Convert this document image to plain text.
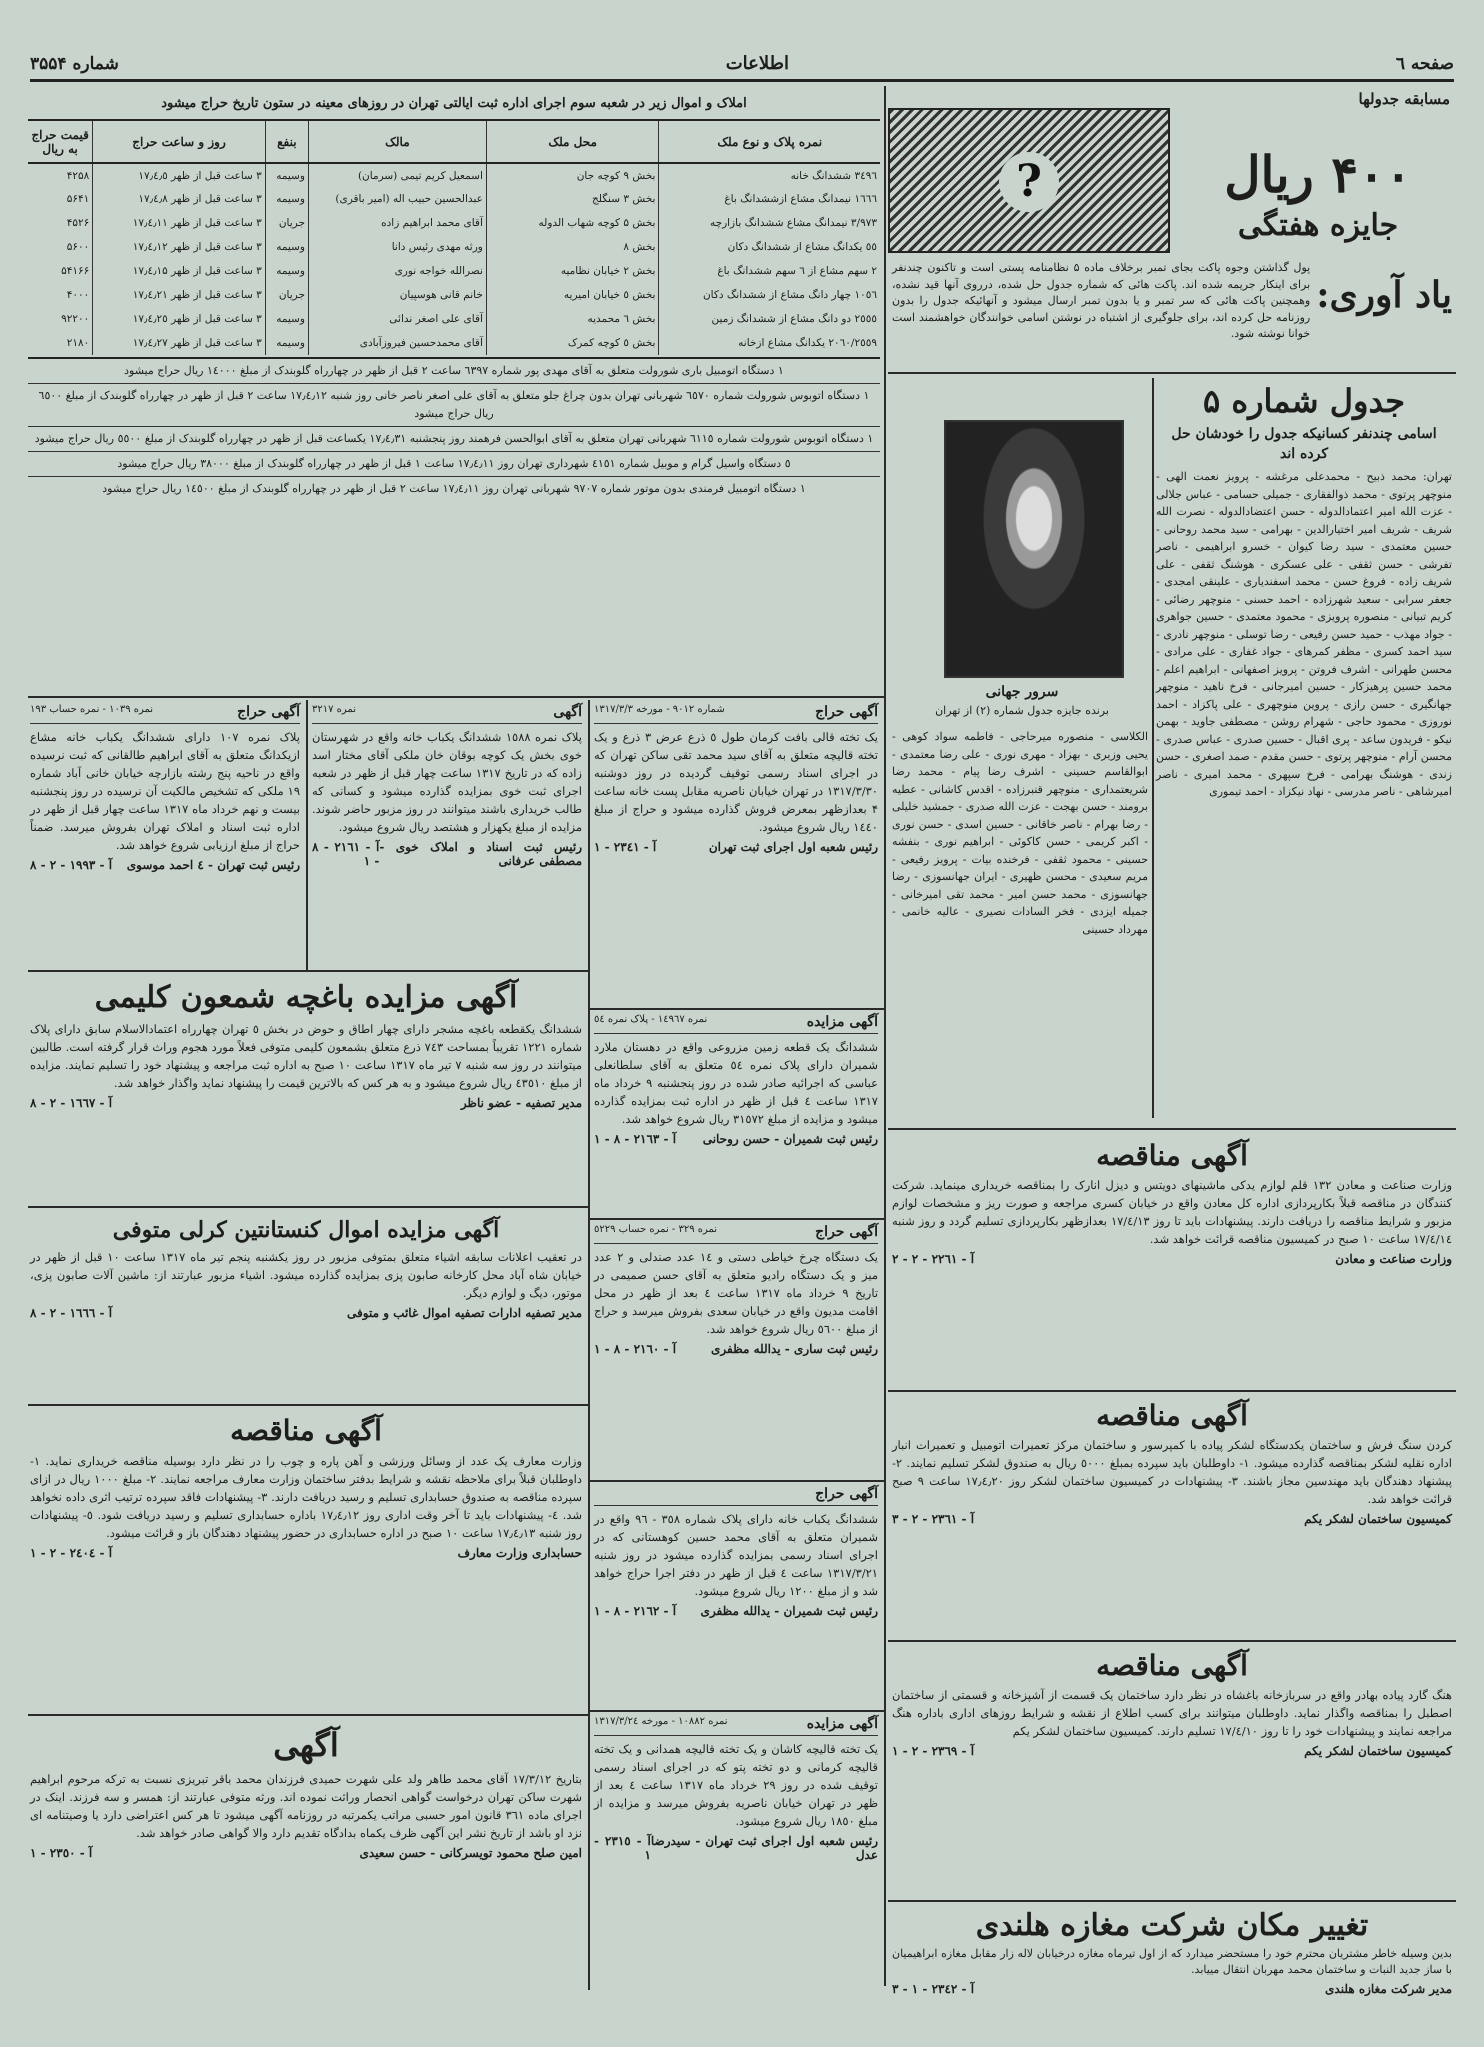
صفحه ٦
اطلاعات
شماره ۳۵۵۴
مسابقه جدولها
?	۴۰۰ ریال
جایزه هفتگی
یاد آوری:
پول گذاشتن وجوه پاکت بجای تمبر برخلاف ماده ۵ نظامنامه پستی است و تاکنون چندنفر برای اینکار جریمه شده اند. پاکت هائی که شماره جدول حل شده، درروی آنها قید نشده، وهمچنین پاکت هائی که سر تمبر و یا بدون تمبر ارسال میشود و آنهائیکه جدول را بدون روزنامه حل کرده اند، برای جلوگیری از اشتباه در نوشتن اسامی خوانندگان خواهشمند است خوانا نوشته شود.
جدول شماره ۵
اسامی چندنفر کسانیکه جدول را خودشان حل کرده اند
تهران: محمد ذبیح - محمدعلی مرغشه - پرویز نعمت الهی - منوچهر پرتوی - محمد ذوالفقاری - جمیلی حسامی - عباس جلالی - عزت الله امیر اعتمادالدوله - حسن اعتضادالدوله - نصرت الله شریف - شریف امیر اختیارالدین - بهرامی - سید محمد روحانی - حسین معتمدی - سید رضا کیوان - خسرو ابراهیمی - ناصر تفرشی - حسن ثقفی - علی عسکری - هوشنگ ثقفی - علی شریف زاده - فروغ حسن - محمد اسفندیاری - علینقی امجدی - جعفر سرابی - سعید شهرزاده - احمد حسنی - منوچهر رضائی - کریم تبیانی - منصوره پرویزی - محمود معتمدی - حسین جواهری - جواد مهذب - حمید حسن رفیعی - رضا توسلی - منوچهر نادری - سید احمد کسری - مظفر کمرهای - جواد غفاری - علی مرادی - محسن طهرانی - اشرف فروتن - پرویز اصفهانی - ابراهیم اعلم - محمد حسین پرهیزکار - حسین امیرجانی - فرخ ناهید - منوچهر جهانگیری - حسن رازی - پروین منوچهری - علی پاکزاد - احمد نوروزی - محمود حاجی - شهرام روشن - مصطفی جاوید - بهمن نیکو - فریدون ساعد - پری اقبال - حسین صدری - عباس صدری - محسن آرام - منوچهر پرتوی - حسن مقدم - صمد اصغری - حسن زندی - هوشنگ بهرامی - فرخ سپهری - محمد امیری - ناصر امیرشاهی - ناصر مدرسی - نهاد نیکزاد - احمد تیموری
سرور جهانی
برنده جایزه جدول شماره (۲) از تهران
الکلاسی - منصوره میرحاجی - فاطمه سواد کوهی - یحیی وزیری - بهزاد - مهری نوری - علی رضا معتمدی - ابوالقاسم حسینی - اشرف رضا پیام - محمد رضا شریعتمداری - منوچهر قنبرزاده - اقدس کاشانی - عطیه برومند - حسن بهجت - عزت الله صدری - جمشید خلیلی - رضا بهرام - ناصر خاقانی - حسین اسدی - حسن نوری - اکبر کریمی - حسن کاکوئی - ابراهیم نوری - بنفشه حسینی - محمود ثقفی - فرخنده بیات - پرویز رفیعی - مریم سعیدی - محسن ظهیری - ایران جهانسوزی - رضا جهانسوزی - محمد حسن امیر - محمد تقی امیرخانی - جمیله ایزدی - فخر السادات نصیری - عالیه خانمی - مهرداد حسینی
آگهی مناقصه
وزارت صناعت و معادن ١٣٢ قلم لوازم یدکی ماشینهای دویتس و دیزل انارک را بمناقصه خریداری مینماید. شرکت کنندگان در مناقصه قبلاً بکارپردازی اداره کل معادن واقع در خیابان کسری مراجعه و صورت ریز و مشخصات لوازم مزبور و شرایط مناقصه را دریافت دارند. پیشنهادات باید تا روز ١٧/٤/١٣ بعدازظهر بکارپردازی تسلیم گردد و روز شنبه ١٧/٤/١٤ ساعت ١٠ صبح در کمیسیون مناقصه قرائت خواهد شد.
وزارت صناعت و معادن
آ - ٢٢٦١ - ٢ - ٢
آگهی مناقصه
کردن سنگ فرش و ساختمان یکدستگاه لشکر پیاده با کمپرسور و ساختمان مرکز تعمیرات اتومبیل و تعمیرات انبار اداره نقلیه لشکر بمناقصه گذارده میشود. ١- داوطلبان باید سپرده بمبلغ ٥٠٠٠ ریال به صندوق لشکر تسلیم نمایند. ٢- پیشنهاد دهندگان باید مهندسین مجاز باشند. ٣- پیشنهادات در کمیسیون ساختمان لشکر روز ١٧٫٤٫٢٠ ساعت ٩ صبح قرائت خواهد شد.
کمیسیون ساختمان لشکر یکم
آ - ٢٣٦١ - ٢ - ٣
آگهی مناقصه
هنگ گارد پیاده بهادر واقع در سربازخانه باغشاه در نظر دارد ساختمان یک قسمت از آشپزخانه و قسمتی از ساختمان اصطبل را بمناقصه واگذار نماید. داوطلبان میتوانند برای کسب اطلاع از نقشه و شرایط روزهای اداری باداره هنگ مراجعه نمایند و پیشنهادات خود را تا روز ١٧/٤/١٠ تسلیم دارند. کمیسیون ساختمان لشکر یکم
کمیسیون ساختمان لشکر یکم
آ - ٢٣٦٩ - ٢ - ١
تغییر مکان شرکت مغازه هلندی
بدین وسیله خاطر مشتریان محترم خود را مستحضر میدارد که از اول تیرماه مغازه درخیابان لاله زار مقابل مغازه ابراهیمیان با ساز جدید النبات و ساختمان محمد مهربان انتقال مییابد.
مدیر شرکت مغازه هلندی
آ - ٢٣٤٢ - ١ - ٣
املاک و اموال زیر در شعبه سوم اجرای اداره ثبت ایالتی تهران در روزهای معینه در ستون تاریخ حراج میشود
نمره پلاک و نوع ملک	محل ملک	مالک	بنفع	روز و ساعت حراج	قیمت حراج به ریال
٣٤٩٦ ششدانگ خانه	بخش ۹ کوچه جان	اسمعیل کریم تیمی (سرمان)	وسیمه	۳ ساعت قبل از ظهر ۱۷٫٤٫٥	۴۲۵۸
١٦٦٦ نیمدانگ مشاع ازششدانگ باغ	بخش ۳ سنگلج	عبدالحسین حبیب اله (امیر باقری)	وسیمه	۳ ساعت قبل از ظهر ۱۷٫٤٫۸	۵۶۴۱
٣/٩٧٣ نیمدانگ مشاع ششدانگ بازارچه	بخش ۵ کوچه شهاب الدوله	آقای محمد ابراهیم زاده	جریان	۳ ساعت قبل از ظهر ۱۷٫٤٫۱۱	۴۵۲۶
٥٥ یکدانگ مشاع از ششدانگ دکان	بخش ٨	ورثه مهدی رئیس دانا	وسیمه	۳ ساعت قبل از ظهر ۱۷٫٤٫۱۲	۵۶۰۰
٢ سهم مشاع از ٦ سهم ششدانگ باغ	بخش ٢ خیابان نظامیه	نصرالله خواجه نوری	وسیمه	۳ ساعت قبل از ظهر ۱۷٫٤٫۱۵	۵۴۱۶۶
١٠٥٦ چهار دانگ مشاع از ششدانگ دکان	بخش ٥ خیابان امیریه	خانم قانی هوسپیان	جریان	۳ ساعت قبل از ظهر ۱۷٫٤٫۲۱	۴۰۰۰
٢٥٥٥ دو دانگ مشاع از ششدانگ زمین	بخش ٦ محمدیه	آقای علی اصغر ندائی	وسیمه	۳ ساعت قبل از ظهر ۱۷٫٤٫۲٥	۹۲۲۰۰
٢٠٦٠/٢٥٥٩ یکدانگ مشاع ازخانه	بخش ٥ کوچه کمرک	آقای محمدحسین فیروزآبادی	وسیمه	۳ ساعت قبل از ظهر ۱۷٫٤٫۲٧	۲۱۸۰
١ دستگاه اتومبیل باری شورولت متعلق به آقای مهدی پور شماره ٦٣٩٧ ساعت ٢ قبل از ظهر در چهارراه گلوبندک از مبلغ ١٤٠٠٠ ریال حراج میشود
١ دستگاه اتوبوس شورولت شماره ٦٥٧٠ شهربانی تهران بدون چراغ جلو متعلق به آقای علی اصغر ناصر خانی روز شنبه ١٧٫٤٫١٢ ساعت ٢ قبل از ظهر در چهارراه گلوبندک از مبلغ ٦٥٠٠ ریال حراج میشود
١ دستگاه اتوبوس شورولت شماره ٦١١٥ شهربانی تهران متعلق به آقای ابوالحسن فرهمند روز پنجشنبه ١٧٫٤٫٣١ یکساعت قبل از ظهر در چهارراه گلوبندک از مبلغ ٥٥٠٠ ریال حراج میشود
٥ دستگاه واسیل گرام و موبیل شماره ٤١٥١ شهرداری تهران روز ١٧٫٤٫١١ ساعت ١ قبل از ظهر در چهارراه گلوبندک از مبلغ ٣٨٠٠٠ ریال حراج میشود
١ دستگاه اتومبیل فرمندی بدون موتور شماره ٩٧٠٧ شهربانی تهران روز ١٧٫٤٫١١ ساعت ٢ قبل از ظهر در چهارراه گلوبندک از مبلغ ١٤٥٠٠ ریال حراج میشود
آگهی حراج
نمره ١٠٣٩ - نمره حساب ١٩٣
پلاک نمره ١٠٧ دارای ششدانگ یکباب خانه مشاع ازیکدانگ متعلق به آقای ابراهیم طالقانی که ثبت نرسیده واقع در ناحیه پنج رشته بازارچه خیابان خانی آباد شماره ١٩ ملکی که تشخیص مالکیت آن نرسیده در روز پنجشنبه بیست و نهم خرداد ماه ١٣١٧ ساعت چهار قبل از ظهر در اداره ثبت اسناد و املاک تهران بفروش میرسد. ضمناً حراج از مبلغ ارزیابی شروع خواهد شد.
رئیس ثبت تهران - ٤ احمد موسوی
آ - ١٩٩٣ - ٢ - ٨
آگهی
نمره ٣٢١٧
پلاک نمره ١٥٨٨ ششدانگ یکباب خانه واقع در شهرستان خوی بخش یک کوچه بوقان خان ملکی آقای مختار اسد زاده که در تاریخ ١٣١٧ ساعت چهار قبل از ظهر در شعبه اجرای ثبت خوی بمزایده گذارده میشود و کسانی که طالب خریداری باشند میتوانند در روز مزبور حاضر شوند. مزایده از مبلغ یکهزار و هشتصد ریال شروع میشود.
رئیس ثبت اسناد و املاک خوی - مصطفی عرفانی
آ - ٢١٦١ - ٨ - ١
آگهی حراج
شماره ٩٠١٢ - مورخه ١٣١٧/٣/٣
یک تخته قالی بافت کرمان طول ٥ ذرع عرض ٣ ذرع و یک تخته قالیچه متعلق به آقای سید محمد تقی ساکن تهران که در اجرای اسناد رسمی توقیف گردیده در روز دوشنبه ١٣١٧/٣/٣٠ در تهران خیابان ناصریه مقابل پست خانه ساعت ۴ بعدازظهر بمعرض فروش گذارده میشود و حراج از مبلغ ١٤٤٠ ریال شروع میشود.
رئیس شعبه اول اجرای ثبت تهران
آ - ٢٣٤١ - ١
آگهی مزایده باغچه شمعون کلیمی
ششدانگ یکقطعه باغچه مشجر دارای چهار اطاق و حوض در بخش ٥ تهران چهارراه اعتمادالاسلام سابق دارای پلاک شماره ١٢٢١ تقریباً بمساحت ٧٤٣ ذرع متعلق بشمعون کلیمی متوفی فعلاً مورد هجوم وراث قرار گرفته است. طالبین میتوانند در روز سه شنبه ٧ تیر ماه ١٣١٧ ساعت ١٠ صبح به اداره ثبت مراجعه و پیشنهاد خود را تسلیم نمایند. مزایده از مبلغ ٤٣٥١٠ ریال شروع میشود و به هر کس که بالاترین قیمت را پیشنهاد نماید واگذار خواهد شد.
مدیر تصفیه - عضو ناظر
آ - ١٦٦٧ - ٢ - ٨
آگهی مزایده اموال کنستانتین کرلی متوفی
در تعقیب اعلانات سابقه اشیاء متعلق بمتوفی مزبور در روز یکشنبه پنجم تیر ماه ١٣١٧ ساعت ١٠ قبل از ظهر در خیابان شاه آباد محل کارخانه صابون پزی بمزایده گذارده میشود. اشیاء مزبور عبارتند از: ماشین آلات صابون پزی، موتور، دیگ و لوازم دیگر.
مدیر تصفیه ادارات تصفیه اموال غائب و متوفی
آ - ١٦٦٦ - ٢ - ٨
آگهی مناقصه
وزارت معارف یک عدد از وسائل ورزشی و آهن پاره و چوب را در نظر دارد بوسیله مناقصه خریداری نماید. ١- داوطلبان قبلاً برای ملاحظه نقشه و شرایط بدفتر ساختمان وزارت معارف مراجعه نمایند. ٢- مبلغ ١٠٠٠ ریال در ازای سپرده مناقصه به صندوق حسابداری تسلیم و رسید دریافت دارند. ٣- پیشنهادات فاقد سپرده ترتیب اثری داده نخواهد شد. ٤- پیشنهادات باید تا آخر وقت اداری روز ١٧٫٤٫١٢ باداره حسابداری تسلیم و رسید دریافت شود. ٥- پیشنهادات روز شنبه ١٧٫٤٫١٣ ساعت ١٠ صبح در اداره حسابداری در حضور پیشنهاد دهندگان باز و قرائت میشود.
حسابداری وزارت معارف
آ - ٢٤٠٤ - ٢ - ١
آگهی
بتاریخ ١٧/٣/١٢ آقای محمد طاهر ولد علی شهرت حمیدی فرزندان محمد باقر تبریزی نسبت به ترکه مرحوم ابراهیم شهرت ساکن تهران درخواست گواهی انحصار وراثت نموده اند. ورثه متوفی عبارتند از: همسر و سه فرزند. اینک در اجرای ماده ٣٦١ قانون امور حسبی مراتب یکمرتبه در روزنامه آگهی میشود تا هر کس اعتراضی دارد یا وصیتنامه ای نزد او باشد از تاریخ نشر این آگهی ظرف یکماه بدادگاه تقدیم دارد والا گواهی صادر خواهد شد.
امین صلح محمود تویسرکانی - حسن سعیدی
آ - ٢٣٥٠ - ١
آگهی مزایده
نمره ١٤٩٦٧ - پلاک نمره ٥٤
ششدانگ یک قطعه زمین مزروعی واقع در دهستان ملارد شمیران دارای پلاک نمره ٥٤ متعلق به آقای سلطانعلی عباسی که اجرائیه صادر شده در روز پنجشنبه ٩ خرداد ماه ١٣١٧ ساعت ٤ قبل از ظهر در اداره ثبت بمزایده گذارده میشود و مزایده از مبلغ ٣١٥٧٢ ریال شروع خواهد شد.
رئیس ثبت شمیران - حسن روحانی
آ - ٢١٦٣ - ٨ - ١
آگهی حراج
نمره ٣٢٩ - نمره حساب ٥٢٢٩
یک دستگاه چرخ خیاطی دستی و ١٤ عدد صندلی و ٢ عدد میز و یک دستگاه رادیو متعلق به آقای حسن صمیمی در تاریخ ٩ خرداد ماه ١٣١٧ ساعت ٤ بعد از ظهر در محل اقامت مدیون واقع در خیابان سعدی بفروش میرسد و حراج از مبلغ ٥٦٠٠ ریال شروع خواهد شد.
رئیس ثبت ساری - یدالله مظفری
آ - ٢١٦٠ - ٨ - ١
آگهی حراج
ششدانگ یکباب خانه دارای پلاک شماره ٣٥٨ - ٩٦ واقع در شمیران متعلق به آقای محمد حسین کوهستانی که در اجرای اسناد رسمی بمزایده گذارده میشود در روز شنبه ١٣١٧/٣/٢١ ساعت ٤ قبل از ظهر در دفتر اجرا حراج خواهد شد و از مبلغ ١٢٠٠ ریال شروع میشود.
رئیس ثبت شمیران - یدالله مظفری
آ - ٢١٦٢ - ٨ - ١
آگهی مزایده
نمره ١٠٨٨٢ - مورخه ١٣١٧/٣/٢٤
یک تخته قالیچه کاشان و یک تخته قالیچه همدانی و یک تخته قالیچه کرمانی و دو تخته پتو که در اجرای اسناد رسمی توقیف شده در روز ٢٩ خرداد ماه ١٣١٧ ساعت ٤ بعد از ظهر در تهران خیابان ناصریه بفروش میرسد و مزایده از مبلغ ١٨٥٠ ریال شروع میشود.
رئیس شعبه اول اجرای ثبت تهران - سیدرضا عدل
آ - ٢٣١٥ - ١
